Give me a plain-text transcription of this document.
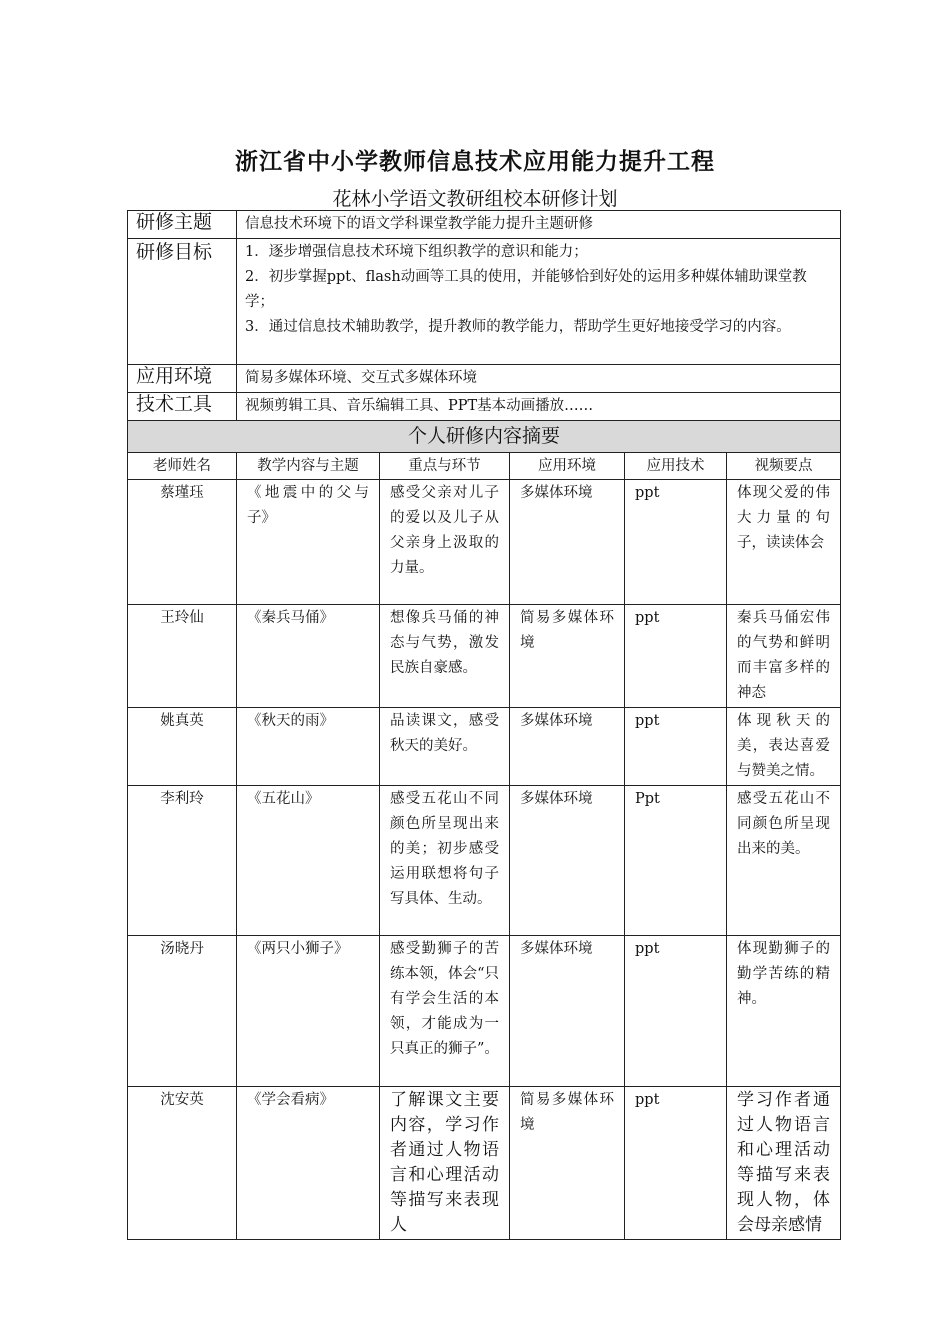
浙江省中小学教师信息技术应用能力提升工程
花林小学语文教研组校本研修计划
研修主题	信息技术环境下的语文学科课堂教学能力提升主题研修				
研修目标	1．逐步增强信息技术环境下组织教学的意识和能力；
2．初步掌握ppt、flash动画等工具的使用，并能够恰到好处的运用多种媒体辅助课堂教学；
3．通过信息技术辅助教学，提升教师的教学能力，帮助学生更好地接受学习的内容。				

应用环境	简易多媒体环境、交互式多媒体环境				
技术工具	视频剪辑工具、音乐编辑工具、PPT基本动画播放……				
个人研修内容摘要					
老师姓名	教学内容与主题	重点与环节	应用环境	应用技术	视频要点
蔡瑾珏	《地震中的父与子》	感受父亲对儿子的爱以及儿子从父亲身上汲取的力量。	多媒体环境	ppt	体现父爱的伟大力量的句子，读读体会
王玲仙	《秦兵马俑》	想像兵马俑的神态与气势，激发民族自豪感。	简易多媒体环境	ppt	秦兵马俑宏伟的气势和鲜明而丰富多样的神态
姚真英	《秋天的雨》	品读课文，感受秋天的美好。	多媒体环境	ppt	体现秋天的美，表达喜爱与赞美之情。
李利玲	《五花山》	感受五花山不同颜色所呈现出来的美；初步感受运用联想将句子写具体、生动。	多媒体环境	Ppt	感受五花山不同颜色所呈现出来的美。
汤晓丹	《两只小狮子》	感受勤狮子的苦练本领，体会“只有学会生活的本领，才能成为一只真正的狮子”。	多媒体环境	ppt	体现勤狮子的勤学苦练的精神。
沈安英	《学会看病》	了解课文主要内容，学习作者通过人物语言和心理活动等描写来表现人	简易多媒体环境	ppt	学习作者通过人物语言和心理活动等描写来表现人物，体会母亲感情
